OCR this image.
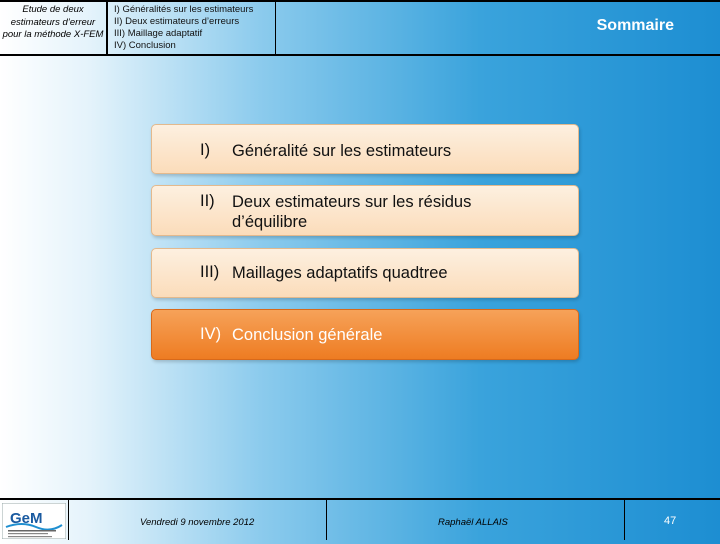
Etude de deux estimateurs d’erreur pour la méthode X-FEM
I) Généralités sur les estimateurs
II) Deux estimateurs d’erreurs
III) Maillage adaptatif
IV) Conclusion
Sommaire
I) Généralité sur les estimateurs
II) Deux estimateurs sur les résidus
d’équilibre
III) Maillages adaptatifs quadtree
IV) Conclusion générale
GeM	Vendredi 9 novembre 2012	Raphaël ALLAIS	47
